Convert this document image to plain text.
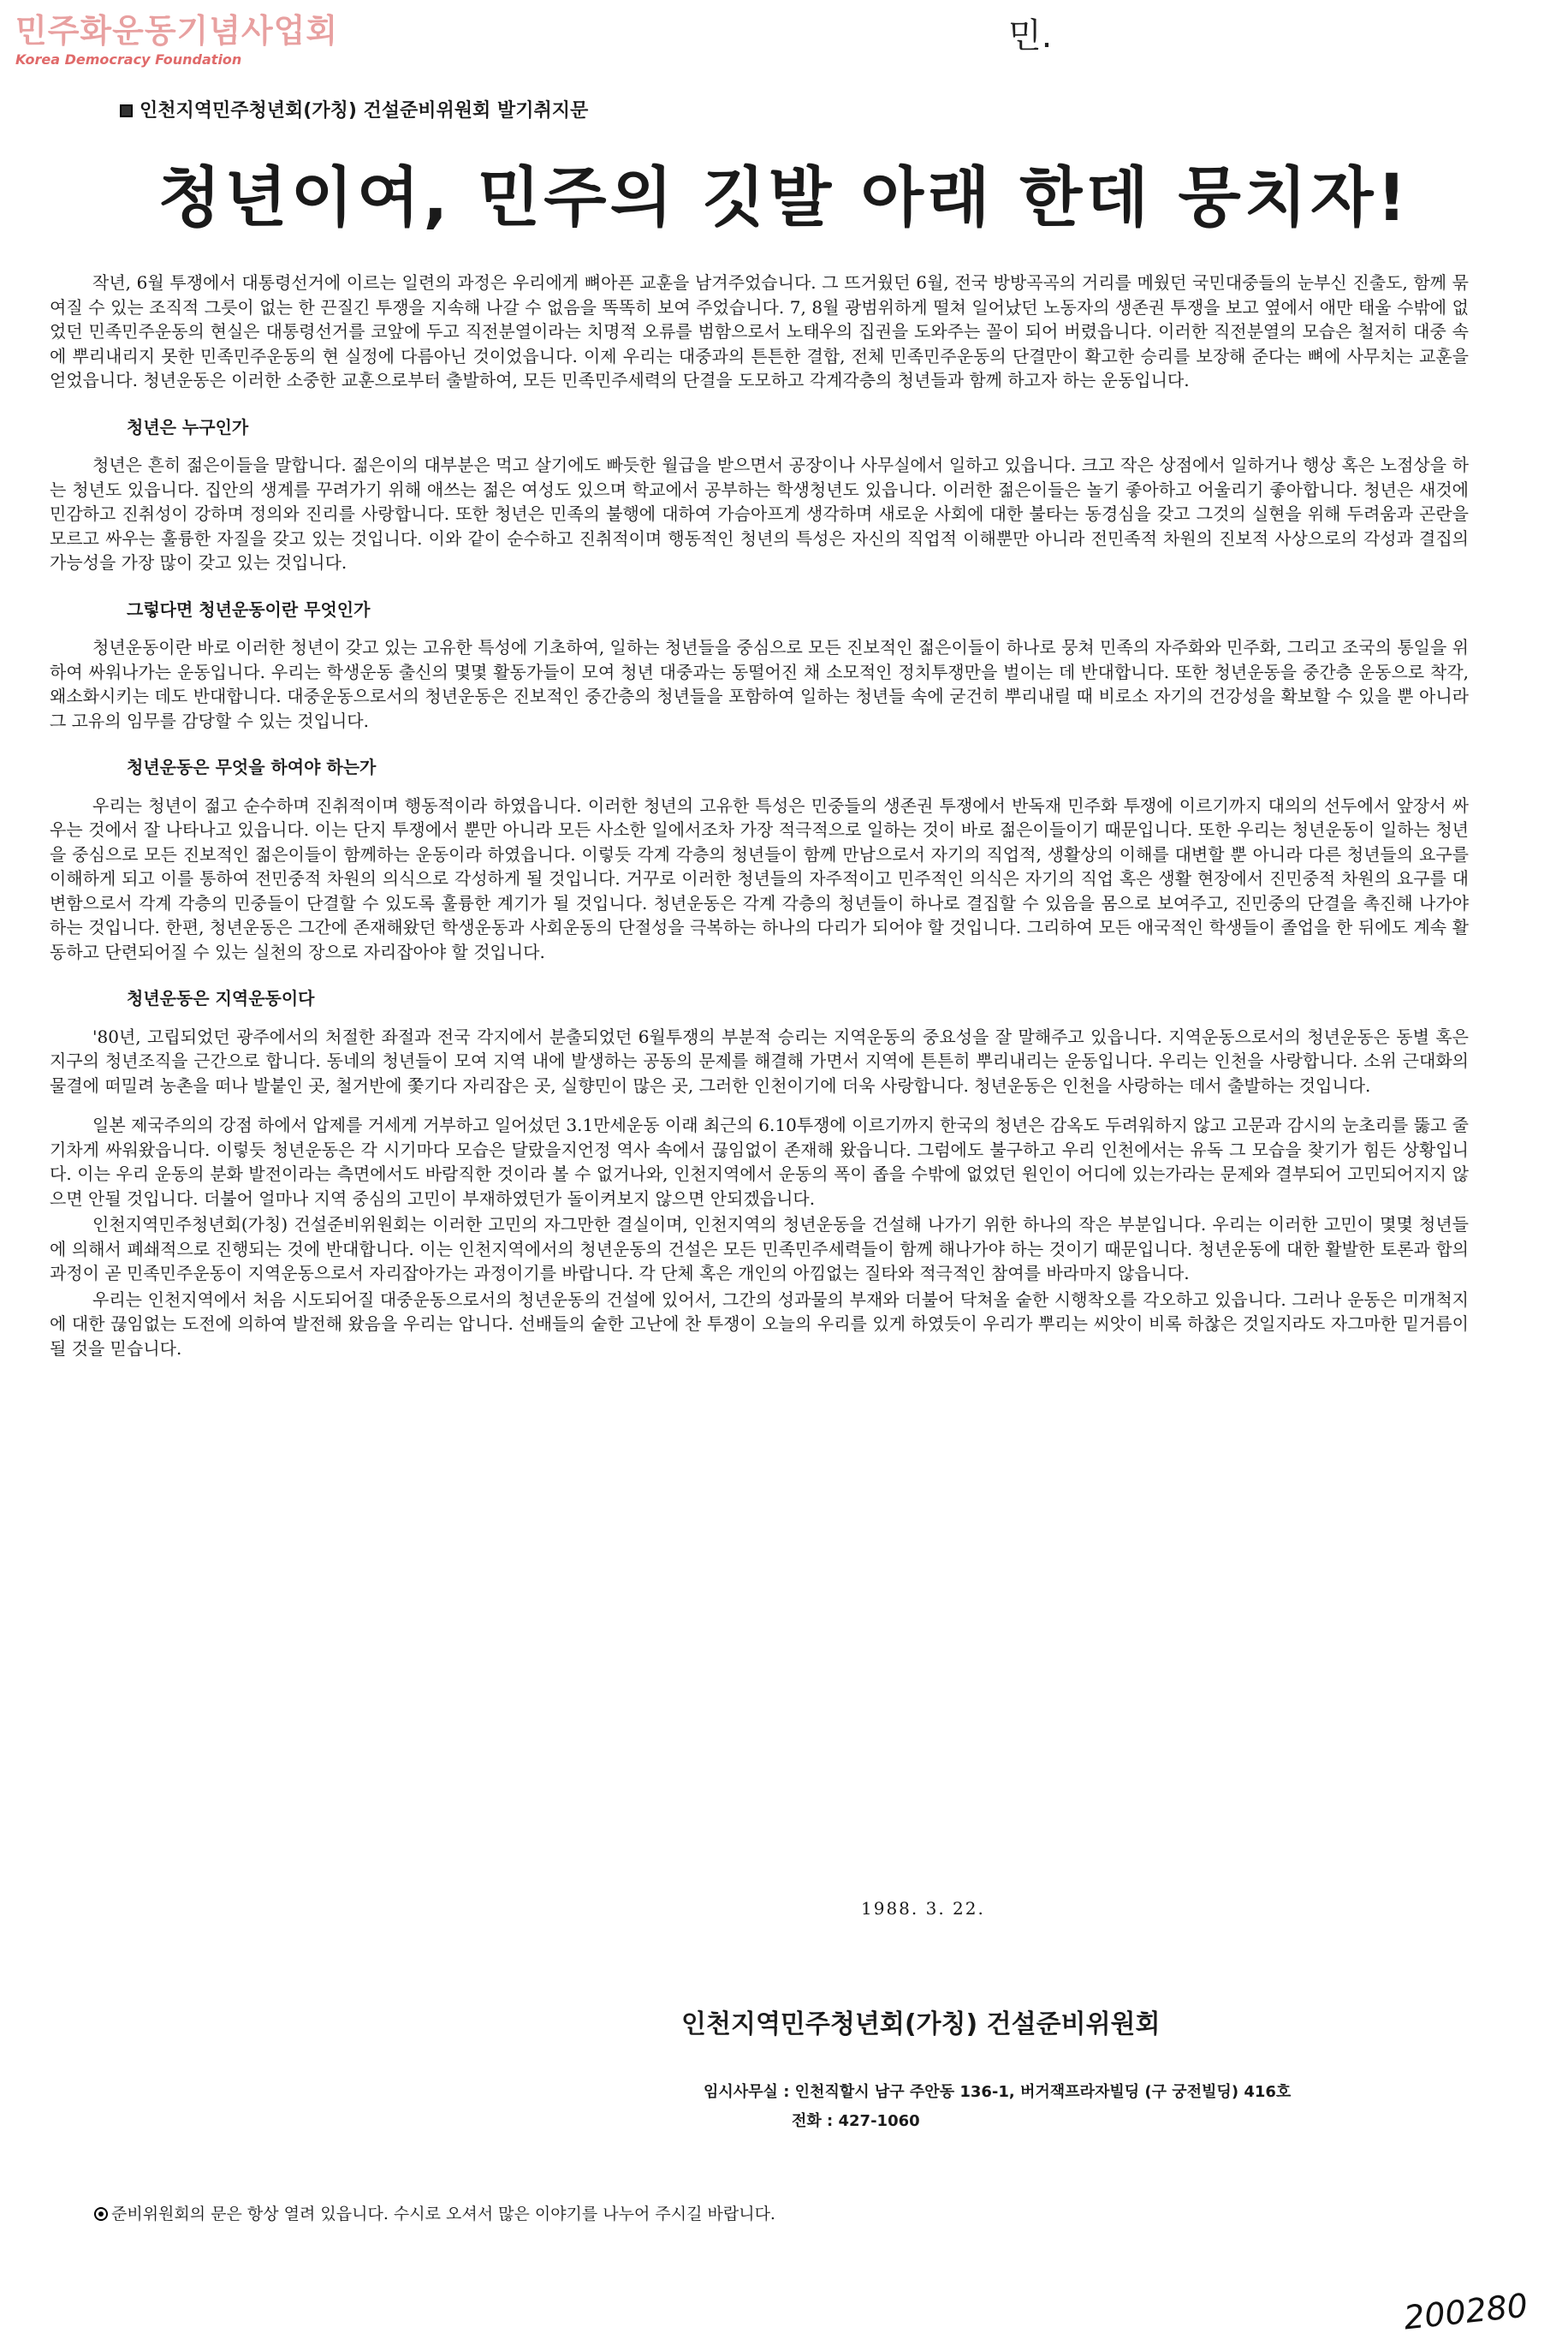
민주화운동기념사업회
Korea Democracy Foundation
민.
인천지역민주청년회(가칭) 건설준비위원회 발기취지문
청년이여, 민주의 깃발 아래 한데 뭉치자!

작년, 6월 투쟁에서 대통령선거에 이르는 일련의 과정은 우리에게 뼈아픈 교훈을 남겨주었습니다. 그 뜨거웠던 6월, 전국 방방곡곡의 거리를 메웠던 국민대중들의 눈부신 진출도, 함께 묶여질 수 있는 조직적 그릇이 없는 한 끈질긴 투쟁을 지속해 나갈 수 없음을 똑똑히 보여 주었습니다. 7, 8월 광범위하게 떨쳐 일어났던 노동자의 생존권 투쟁을 보고 옆에서 애만 태울 수밖에 없었던 민족민주운동의 현실은 대통령선거를 코앞에 두고 직전분열이라는 치명적 오류를 범함으로서 노태우의 집권을 도와주는 꼴이 되어 버렸읍니다. 이러한 직전분열의 모습은 철저히 대중 속에 뿌리내리지 못한 민족민주운동의 현 실정에 다름아닌 것이었읍니다. 이제 우리는 대중과의 튼튼한 결합, 전체 민족민주운동의 단결만이 확고한 승리를 보장해 준다는 뼈에 사무치는 교훈을 얻었읍니다. 청년운동은 이러한 소중한 교훈으로부터 출발하여, 모든 민족민주세력의 단결을 도모하고 각계각층의 청년들과 함께 하고자 하는 운동입니다.

청년은 누구인가

청년은 흔히 젊은이들을 말합니다. 젊은이의 대부분은 먹고 살기에도 빠듯한 월급을 받으면서 공장이나 사무실에서 일하고 있읍니다. 크고 작은 상점에서 일하거나 행상 혹은 노점상을 하는 청년도 있읍니다. 집안의 생계를 꾸려가기 위해 애쓰는 젊은 여성도 있으며 학교에서 공부하는 학생청년도 있읍니다. 이러한 젊은이들은 놀기 좋아하고 어울리기 좋아합니다. 청년은 새것에 민감하고 진취성이 강하며 정의와 진리를 사랑합니다. 또한 청년은 민족의 불행에 대하여 가슴아프게 생각하며 새로운 사회에 대한 불타는 동경심을 갖고 그것의 실현을 위해 두려움과 곤란을 모르고 싸우는 훌륭한 자질을 갖고 있는 것입니다. 이와 같이 순수하고 진취적이며 행동적인 청년의 특성은 자신의 직업적 이해뿐만 아니라 전민족적 차원의 진보적 사상으로의 각성과 결집의 가능성을 가장 많이 갖고 있는 것입니다.

그렇다면 청년운동이란 무엇인가

청년운동이란 바로 이러한 청년이 갖고 있는 고유한 특성에 기초하여, 일하는 청년들을 중심으로 모든 진보적인 젊은이들이 하나로 뭉쳐 민족의 자주화와 민주화, 그리고 조국의 통일을 위하여 싸워나가는 운동입니다. 우리는 학생운동 출신의 몇몇 활동가들이 모여 청년 대중과는 동떨어진 채 소모적인 정치투쟁만을 벌이는 데 반대합니다. 또한 청년운동을 중간층 운동으로 착각, 왜소화시키는 데도 반대합니다. 대중운동으로서의 청년운동은 진보적인 중간층의 청년들을 포함하여 일하는 청년들 속에 굳건히 뿌리내릴 때 비로소 자기의 건강성을 확보할 수 있을 뿐 아니라 그 고유의 임무를 감당할 수 있는 것입니다.

청년운동은 무엇을 하여야 하는가

우리는 청년이 젊고 순수하며 진취적이며 행동적이라 하였읍니다. 이러한 청년의 고유한 특성은 민중들의 생존권 투쟁에서 반독재 민주화 투쟁에 이르기까지 대의의 선두에서 앞장서 싸우는 것에서 잘 나타나고 있읍니다. 이는 단지 투쟁에서 뿐만 아니라 모든 사소한 일에서조차 가장 적극적으로 일하는 것이 바로 젊은이들이기 때문입니다. 또한 우리는 청년운동이 일하는 청년을 중심으로 모든 진보적인 젊은이들이 함께하는 운동이라 하였읍니다. 이렇듯 각계 각층의 청년들이 함께 만남으로서 자기의 직업적, 생활상의 이해를 대변할 뿐 아니라 다른 청년들의 요구를 이해하게 되고 이를 통하여 전민중적 차원의 의식으로 각성하게 될 것입니다. 거꾸로 이러한 청년들의 자주적이고 민주적인 의식은 자기의 직업 혹은 생활 현장에서 진민중적 차원의 요구를 대변함으로서 각계 각층의 민중들이 단결할 수 있도록 훌륭한 계기가 될 것입니다. 청년운동은 각계 각층의 청년들이 하나로 결집할 수 있음을 몸으로 보여주고, 진민중의 단결을 촉진해 나가야 하는 것입니다. 한편, 청년운동은 그간에 존재해왔던 학생운동과 사회운동의 단절성을 극복하는 하나의 다리가 되어야 할 것입니다. 그리하여 모든 애국적인 학생들이 졸업을 한 뒤에도 계속 활동하고 단련되어질 수 있는 실천의 장으로 자리잡아야 할 것입니다.

청년운동은 지역운동이다

'80년, 고립되었던 광주에서의 처절한 좌절과 전국 각지에서 분출되었던 6월투쟁의 부분적 승리는 지역운동의 중요성을 잘 말해주고 있읍니다. 지역운동으로서의 청년운동은 동별 혹은 지구의 청년조직을 근간으로 합니다. 동네의 청년들이 모여 지역 내에 발생하는 공동의 문제를 해결해 가면서 지역에 튼튼히 뿌리내리는 운동입니다. 우리는 인천을 사랑합니다. 소위 근대화의 물결에 떠밀려 농촌을 떠나 발붙인 곳, 철거반에 쫓기다 자리잡은 곳, 실향민이 많은 곳, 그러한 인천이기에 더욱 사랑합니다. 청년운동은 인천을 사랑하는 데서 출발하는 것입니다.

일본 제국주의의 강점 하에서 압제를 거세게 거부하고 일어섰던 3.1만세운동 이래 최근의 6.10투쟁에 이르기까지 한국의 청년은 감옥도 두려워하지 않고 고문과 감시의 눈초리를 뚫고 줄기차게 싸워왔읍니다. 이렇듯 청년운동은 각 시기마다 모습은 달랐을지언정 역사 속에서 끊임없이 존재해 왔읍니다. 그럼에도 불구하고 우리 인천에서는 유독 그 모습을 찾기가 힘든 상황입니다. 이는 우리 운동의 분화 발전이라는 측면에서도 바람직한 것이라 볼 수 없거나와, 인천지역에서 운동의 폭이 좁을 수밖에 없었던 원인이 어디에 있는가라는 문제와 결부되어 고민되어지지 않으면 안될 것입니다. 더불어 얼마나 지역 중심의 고민이 부재하였던가 돌이켜보지 않으면 안되겠읍니다.

인천지역민주청년회(가칭) 건설준비위원회는 이러한 고민의 자그만한 결실이며, 인천지역의 청년운동을 건설해 나가기 위한 하나의 작은 부분입니다. 우리는 이러한 고민이 몇몇 청년들에 의해서 폐쇄적으로 진행되는 것에 반대합니다. 이는 인천지역에서의 청년운동의 건설은 모든 민족민주세력들이 함께 해나가야 하는 것이기 때문입니다. 청년운동에 대한 활발한 토론과 합의 과정이 곧 민족민주운동이 지역운동으로서 자리잡아가는 과정이기를 바랍니다. 각 단체 혹은 개인의 아낌없는 질타와 적극적인 참여를 바라마지 않읍니다.

우리는 인천지역에서 처음 시도되어질 대중운동으로서의 청년운동의 건설에 있어서, 그간의 성과물의 부재와 더불어 닥쳐올 숱한 시행착오를 각오하고 있읍니다. 그러나 운동은 미개척지에 대한 끊임없는 도전에 의하여 발전해 왔음을 우리는 압니다. 선배들의 숱한 고난에 찬 투쟁이 오늘의 우리를 있게 하였듯이 우리가 뿌리는 씨앗이 비록 하찮은 것일지라도 자그마한 밑거름이 될 것을 믿습니다.

1988. 3. 22.
인천지역민주청년회(가칭) 건설준비위원회
임시사무실 : 인천직할시 남구 주안동 136-1, 버거잭프라자빌딩 (구 궁전빌딩) 416호
전화 : 427-1060
준비위원회의 문은 항상 열려 있읍니다. 수시로 오셔서 많은 이야기를 나누어 주시길 바랍니다.
200280
